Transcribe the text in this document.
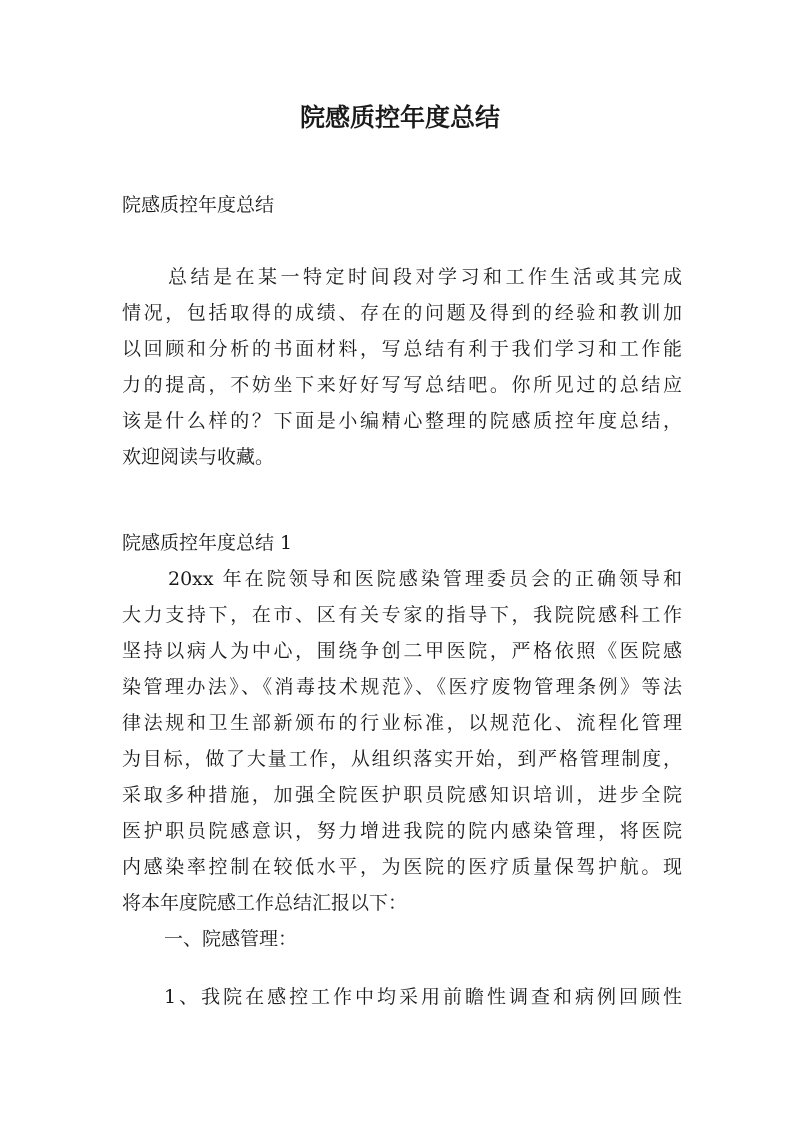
院感质控年度总结

院感质控年度总结

总结是在某一特定时间段对学习和工作生活或其完成

情况，包括取得的成绩、存在的问题及得到的经验和教训加

以回顾和分析的书面材料，写总结有利于我们学习和工作能

力的提高，不妨坐下来好好写写总结吧。你所见过的总结应

该是什么样的？下面是小编精心整理的院感质控年度总结，

欢迎阅读与收藏。

院感质控年度总结 1

20xx 年在院领导和医院感染管理委员会的正确领导和

大力支持下，在市、区有关专家的指导下，我院院感科工作

坚持以病人为中心，围绕争创二甲医院，严格依照《医院感

染管理办法》、《消毒技术规范》、《医疗废物管理条例》等法

律法规和卫生部新颁布的行业标准，以规范化、流程化管理

为目标，做了大量工作，从组织落实开始，到严格管理制度，

采取多种措施，加强全院医护职员院感知识培训，进步全院

医护职员院感意识，努力增进我院的院内感染管理，将医院

内感染率控制在较低水平，为医院的医疗质量保驾护航。现

将本年度院感工作总结汇报以下：

一、院感管理：

1、我院在感控工作中均采用前瞻性调查和病例回顾性
